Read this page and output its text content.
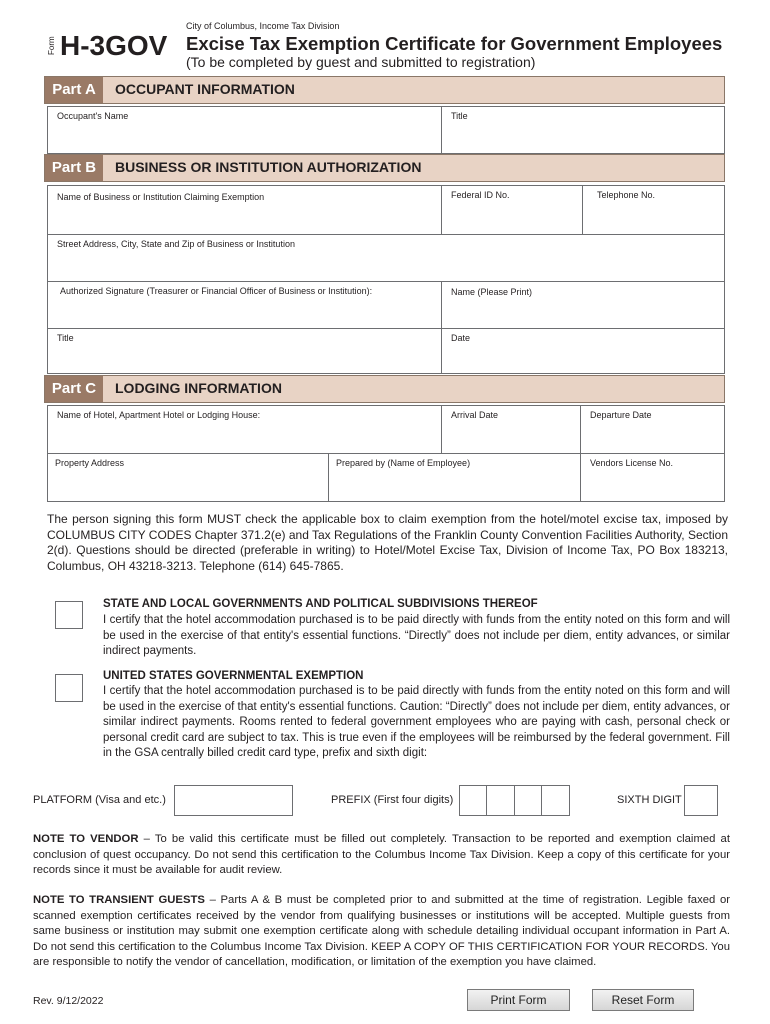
Form H-3GOV
City of Columbus, Income Tax Division
Excise Tax Exemption Certificate for Government Employees
(To be completed by guest and submitted to registration)
Part A	OCCUPANT INFORMATION
Occupant's Name	Title
Part B	BUSINESS OR INSTITUTION AUTHORIZATION
Name of Business or Institution Claiming Exemption	Federal ID No.	Telephone No.
Street Address, City, State and Zip of Business or Institution
Authorized Signature (Treasurer or Financial Officer of Business or Institution):	Name (Please Print)
Title	Date
Part C	LODGING INFORMATION
Name of Hotel, Apartment Hotel or Lodging House:	Arrival Date	Departure Date
Property Address	Prepared by (Name of Employee)	Vendors License No.
The person signing this form MUST check the applicable box to claim exemption from the hotel/motel excise tax, imposed by COLUMBUS CITY CODES Chapter 371.2(e) and Tax Regulations of the Franklin County Convention Facilities Authority, Section 2(d). Questions should be directed (preferable in writing) to Hotel/Motel Excise Tax, Division of Income Tax, PO Box 183213, Columbus, OH 43218-3213. Telephone (614) 645-7865.
STATE AND LOCAL GOVERNMENTS AND POLITICAL SUBDIVISIONS THEREOF
I certify that the hotel accommodation purchased is to be paid directly with funds from the entity noted on this form and will be used in the exercise of that entity's essential functions. “Directly” does not include per diem, entity advances, or similar indirect payments.
UNITED STATES GOVERNMENTAL EXEMPTION
I certify that the hotel accommodation purchased is to be paid directly with funds from the entity noted on this form and will be used in the exercise of that entity's essential functions. Caution: “Directly” does not include per diem, entity advances, or similar indirect payments. Rooms rented to federal government employees who are paying with cash, personal check or personal credit card are subject to tax. This is true even if the employees will be reimbursed by the federal government. Fill in the GSA centrally billed credit card type, prefix and sixth digit:
PLATFORM (Visa and etc.)	PREFIX (First four digits)	SIXTH DIGIT
NOTE TO VENDOR – To be valid this certificate must be filled out completely. Transaction to be reported and exemption claimed at conclusion of quest occupancy. Do not send this certification to the Columbus Income Tax Division. Keep a copy of this certificate for your records since it must be available for audit review.
NOTE TO TRANSIENT GUESTS – Parts A & B must be completed prior to and submitted at the time of registration. Legible faxed or scanned exemption certificates received by the vendor from qualifying businesses or institutions will be accepted. Multiple guests from same business or institution may submit one exemption certificate along with schedule detailing individual occupant information in Part A. Do not send this certification to the Columbus Income Tax Division. KEEP A COPY OF THIS CERTIFICATION FOR YOUR RECORDS. You are responsible to notify the vendor of cancellation, modification, or limitation of the exemption you have claimed.
Rev. 9/12/2022	Print Form	Reset Form
